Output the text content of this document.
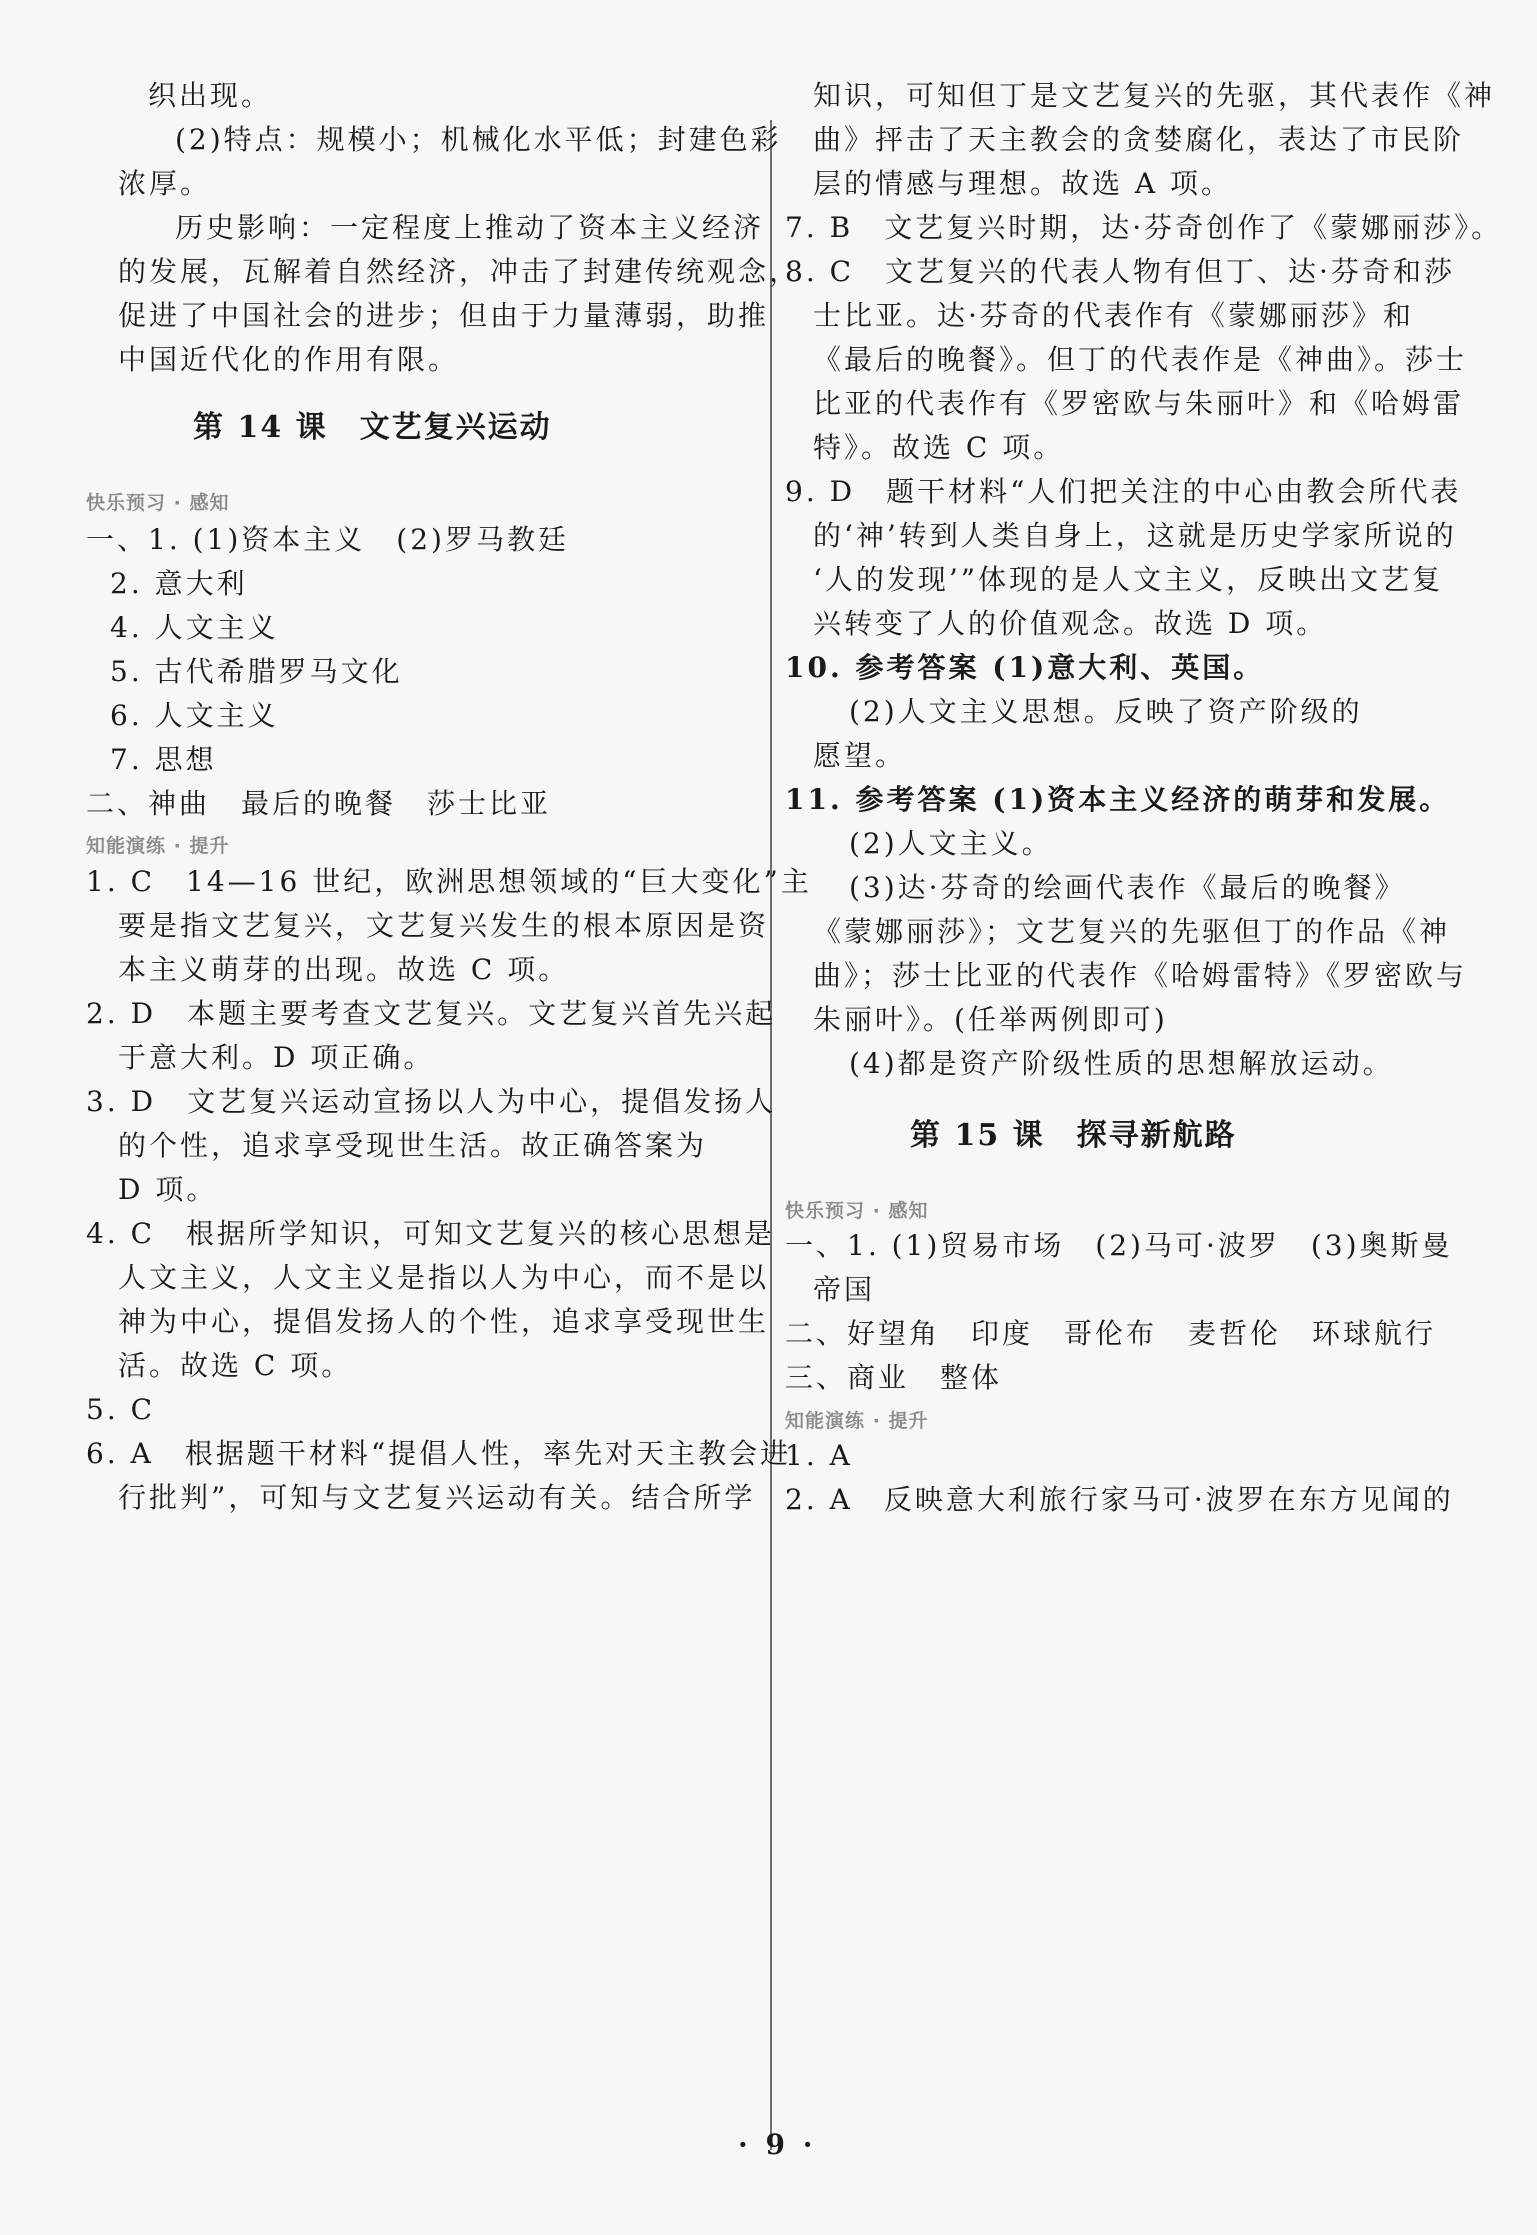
织出现。
(2)特点：规模小；机械化水平低；封建色彩
浓厚。
历史影响：一定程度上推动了资本主义经济
的发展，瓦解着自然经济，冲击了封建传统观念，
促进了中国社会的进步；但由于力量薄弱，助推
中国近代化的作用有限。
第 14 课　文艺复兴运动
快乐预习 · 感知
一、1. (1)资本主义　(2)罗马教廷
2. 意大利
4. 人文主义
5. 古代希腊罗马文化
6. 人文主义
7. 思想
二、神曲　最后的晚餐　莎士比亚
知能演练 · 提升
1. C　14—16 世纪，欧洲思想领域的“巨大变化”主
要是指文艺复兴，文艺复兴发生的根本原因是资
本主义萌芽的出现。故选 C 项。
2. D　本题主要考查文艺复兴。文艺复兴首先兴起
于意大利。D 项正确。
3. D　文艺复兴运动宣扬以人为中心，提倡发扬人
的个性，追求享受现世生活。故正确答案为
D 项。
4. C　根据所学知识，可知文艺复兴的核心思想是
人文主义，人文主义是指以人为中心，而不是以
神为中心，提倡发扬人的个性，追求享受现世生
活。故选 C 项。
5. C
6. A　根据题干材料“提倡人性，率先对天主教会进
行批判”，可知与文艺复兴运动有关。结合所学
知识，可知但丁是文艺复兴的先驱，其代表作《神
曲》抨击了天主教会的贪婪腐化，表达了市民阶
层的情感与理想。故选 A 项。
7. B　文艺复兴时期，达·芬奇创作了《蒙娜丽莎》。
8. C　文艺复兴的代表人物有但丁、达·芬奇和莎
士比亚。达·芬奇的代表作有《蒙娜丽莎》和
《最后的晚餐》。但丁的代表作是《神曲》。莎士
比亚的代表作有《罗密欧与朱丽叶》和《哈姆雷
特》。故选 C 项。
9. D　题干材料“人们把关注的中心由教会所代表
的‘神’转到人类自身上，这就是历史学家所说的
‘人的发现’”体现的是人文主义，反映出文艺复
兴转变了人的价值观念。故选 D 项。
10. 参考答案 (1)意大利、英国。
(2)人文主义思想。反映了资产阶级的
愿望。
11. 参考答案 (1)资本主义经济的萌芽和发展。
(2)人文主义。
(3)达·芬奇的绘画代表作《最后的晚餐》
《蒙娜丽莎》；文艺复兴的先驱但丁的作品《神
曲》；莎士比亚的代表作《哈姆雷特》《罗密欧与
朱丽叶》。(任举两例即可)
(4)都是资产阶级性质的思想解放运动。
第 15 课　探寻新航路
快乐预习 · 感知
一、1. (1)贸易市场　(2)马可·波罗　(3)奥斯曼
帝国
二、好望角　印度　哥伦布　麦哲伦　环球航行
三、商业　整体
知能演练 · 提升
1. A
2. A　反映意大利旅行家马可·波罗在东方见闻的
· 9 ·
